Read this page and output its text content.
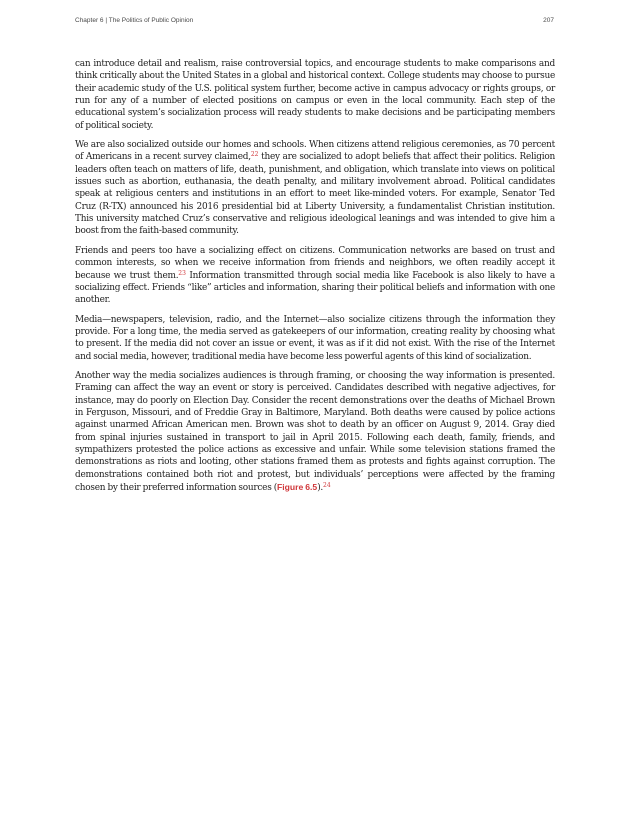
Chapter 6 | The Politics of Public Opinion	207

can introduce detail and realism, raise controversial topics, and encourage students to make comparisons and think critically about the United States in a global and historical context. College students may choose to pursue their academic study of the U.S. political system further, become active in campus advocacy or rights groups, or run for any of a number of elected positions on campus or even in the local community. Each step of the educational system’s socialization process will ready students to make decisions and be participating members of political society.

We are also socialized outside our homes and schools. When citizens attend religious ceremonies, as 70 percent of Americans in a recent survey claimed,$^{22}$ they are socialized to adopt beliefs that affect their politics. Religion leaders often teach on matters of life, death, punishment, and obligation, which translate into views on political issues such as abortion, euthanasia, the death penalty, and military involvement abroad. Political candidates speak at religious centers and institutions in an effort to meet like-minded voters. For example, Senator Ted Cruz (R-TX) announced his 2016 presidential bid at Liberty University, a fundamentalist Christian institution. This university matched Cruz’s conservative and religious ideological leanings and was intended to give him a boost from the faith-based community.

Friends and peers too have a socializing effect on citizens. Communication networks are based on trust and common interests, so when we receive information from friends and neighbors, we often readily accept it because we trust them.$^{23}$ Information transmitted through social media like Facebook is also likely to have a socializing effect. Friends “like” articles and information, sharing their political beliefs and information with one another.

Media—newspapers, television, radio, and the Internet—also socialize citizens through the information they provide. For a long time, the media served as gatekeepers of our information, creating reality by choosing what to present. If the media did not cover an issue or event, it was as if it did not exist. With the rise of the Internet and social media, however, traditional media have become less powerful agents of this kind of socialization.

Another way the media socializes audiences is through framing, or choosing the way information is presented. Framing can affect the way an event or story is perceived. Candidates described with negative adjectives, for instance, may do poorly on Election Day. Consider the recent demonstrations over the deaths of Michael Brown in Ferguson, Missouri, and of Freddie Gray in Baltimore, Maryland. Both deaths were caused by police actions against unarmed African American men. Brown was shot to death by an officer on August 9, 2014. Gray died from spinal injuries sustained in transport to jail in April 2015. Following each death, family, friends, and sympathizers protested the police actions as excessive and unfair. While some television stations framed the demonstrations as riots and looting, other stations framed them as protests and fights against corruption. The demonstrations contained both riot and protest, but individuals’ perceptions were affected by the framing chosen by their preferred information sources (Figure 6.5).$^{24}$
